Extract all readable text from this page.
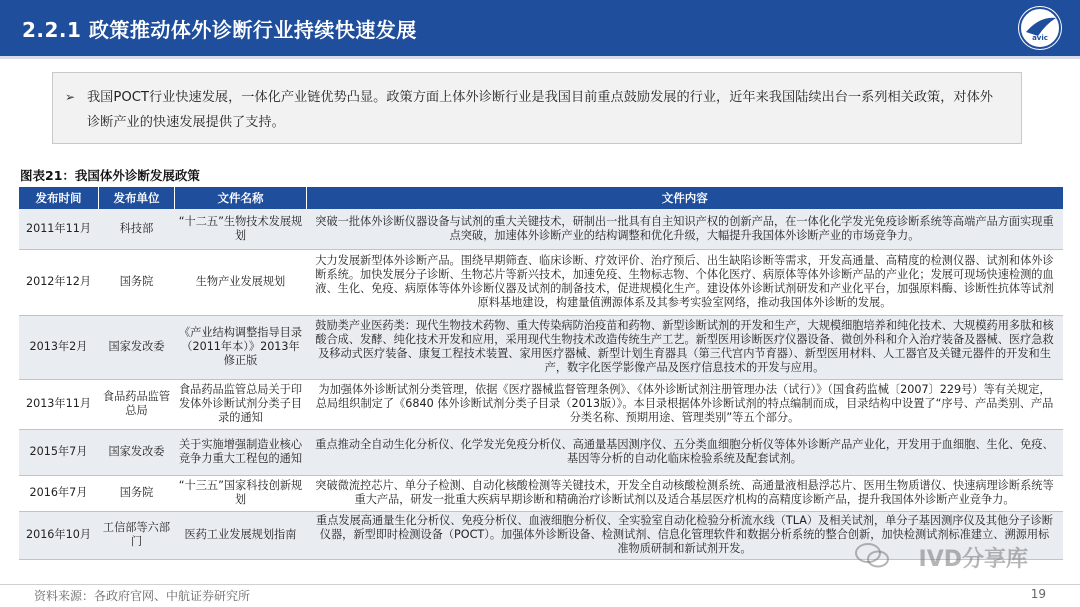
2.2.1 政策推动体外诊断行业持续快速发展	avic
➢ 我国POCT行业快速发展，一体化产业链优势凸显。政策方面上体外诊断行业是我国目前重点鼓励发展的行业，近年来我国陆续出台一系列相关政策，对体外诊断产业的快速发展提供了支持。
图表21：我国体外诊断发展政策
发布时间	发布单位	文件名称	文件内容
2011年11月	科技部	“十二五”生物技术发展规划	突破一批体外诊断仪器设备与试剂的重大关键技术，研制出一批具有自主知识产权的创新产品，在一体化化学发光免疫诊断系统等高端产品方面实现重点突破，加速体外诊断产业的结构调整和优化升级，大幅提升我国体外诊断产业的市场竞争力。
2012年12月	国务院	生物产业发展规划	大力发展新型体外诊断产品。围绕早期筛查、临床诊断、疗效评价、治疗预后、出生缺陷诊断等需求，开发高通量、高精度的检测仪器、试剂和体外诊断系统。加快发展分子诊断、生物芯片等新兴技术，加速免疫、生物标志物、个体化医疗、病原体等体外诊断产品的产业化；发展可现场快速检测的血液、生化、免疫、病原体等体外诊断仪器及试剂的制备技术，促进规模化生产。建设体外诊断试剂研发和产业化平台，加强原料酶、诊断性抗体等试剂原料基地建设，构建量值溯源体系及其参考实验室网络，推动我国体外诊断的发展。
2013年2月	国家发改委	《产业结构调整指导目录（2011年本）》2013年修正版	鼓励类产业医药类：现代生物技术药物、重大传染病防治疫苗和药物、新型诊断试剂的开发和生产，大规模细胞培养和纯化技术、大规模药用多肽和核酸合成、发酵、纯化技术开发和应用，采用现代生物技术改造传统生产工艺。新型医用诊断医疗仪器设备、微创外科和介入治疗装备及器械、医疗急救及移动式医疗装备、康复工程技术装置、家用医疗器械、新型计划生育器具（第三代宫内节育器）、新型医用材料、人工器官及关键元器件的开发和生产，数字化医学影像产品及医疗信息技术的开发与应用。
2013年11月	食品药品监管总局	食品药品监管总局关于印发体外诊断试剂分类子目录的通知	为加强体外诊断试剂分类管理，依据《医疗器械监督管理条例》、《体外诊断试剂注册管理办法（试行）》（国食药监械〔2007〕229号）等有关规定，总局组织制定了《6840 体外诊断试剂分类子目录（2013版）》。本目录根据体外诊断试剂的特点编制而成，目录结构中设置了“序号、产品类别、产品分类名称、预期用途、管理类别”等五个部分。
2015年7月	国家发改委	关于实施增强制造业核心竞争力重大工程包的通知	重点推动全自动生化分析仪、化学发光免疫分析仪、高通量基因测序仪、五分类血细胞分析仪等体外诊断产品产业化，开发用于血细胞、生化、免疫、基因等分析的自动化临床检验系统及配套试剂。
2016年7月	国务院	“十三五”国家科技创新规划	突破微流控芯片、单分子检测、自动化核酸检测等关键技术，开发全自动核酸检测系统、高通量液相悬浮芯片、医用生物质谱仪、快速病理诊断系统等重大产品，研发一批重大疾病早期诊断和精确治疗诊断试剂以及适合基层医疗机构的高精度诊断产品，提升我国体外诊断产业竞争力。
2016年10月	工信部等六部门	医药工业发展规划指南	重点发展高通量生化分析仪、免疫分析仪、血液细胞分析仪、全实验室自动化检验分析流水线（TLA）及相关试剂，单分子基因测序仪及其他分子诊断仪器，新型即时检测设备（POCT）。加强体外诊断设备、检测试剂、信息化管理软件和数据分析系统的整合创新，加快检测试剂标准建立、溯源用标准物质研制和新试剂开发。	IVD分享库
资料来源：各政府官网、中航证券研究所	19
